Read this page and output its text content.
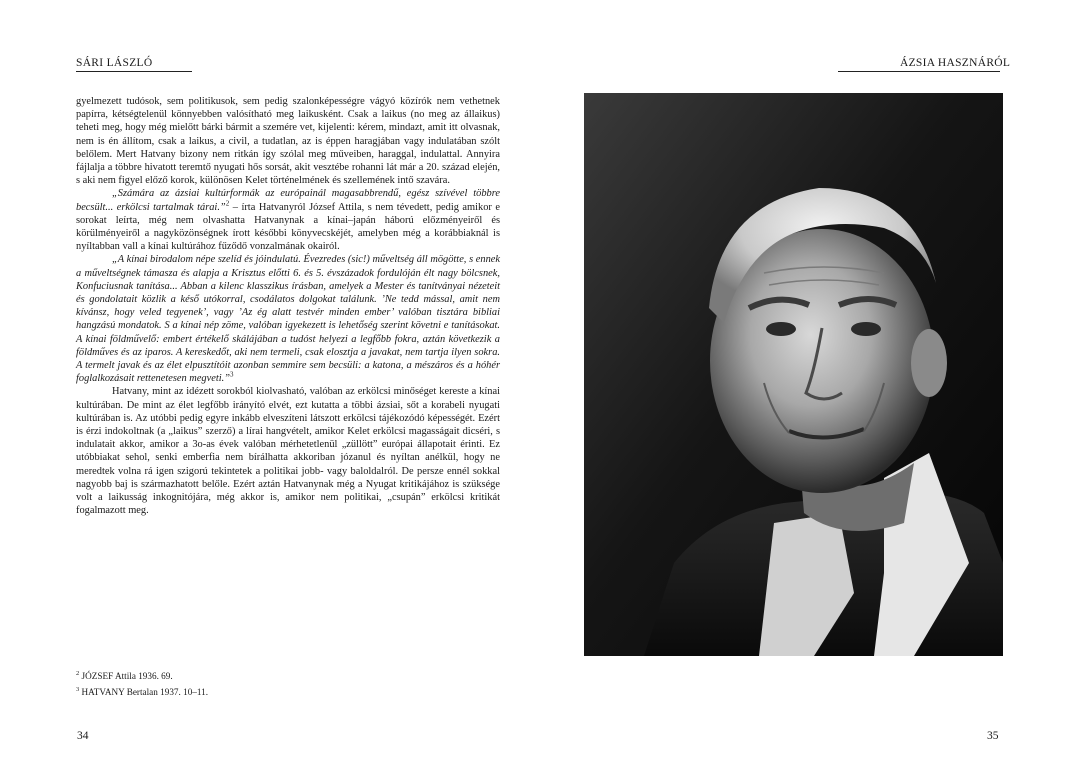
SÁRI LÁSZLÓ	ÁZSIA HASZNÁRÓL

gyelmezett tudósok, sem politikusok, sem pedig szalonképességre vágyó közírók nem vethetnek papírra, kétségtelenül könnyebben valósítható meg laikusként. Csak a laikus (no meg az állaikus) teheti meg, hogy még mielőtt bárki bármit a szemére vet, kijelenti: kérem, mindazt, amit itt olvasnak, nem is én állítom, csak a laikus, a civil, a tudatlan, az is éppen haragjában vagy indulatában szólt belőlem. Mert Hatvany bizony nem ritkán így szólal meg műveiben, haraggal, indulattal. Annyira fájlalja a többre hivatott teremtő nyugati hős sorsát, akit vesztébe rohanni lát már a 20. század elején, s aki nem figyel előző korok, különösen Kelet történelmének és szellemének intő szavára.

„Számára az ázsiai kultúrformák az európainál magasabbrendű, egész szívével többre becsült... erkölcsi tartalmak tárai.”$^2$ – írta Hatvanyról József Attila, s nem tévedett, pedig amikor e sorokat leírta, még nem olvashatta Hatvanynak a kínai–japán háború előzményeiről és körülményeiről a nagyközönségnek írott későbbi könyvecskéjét, amelyben még a korábbiaknál is nyíltabban vall a kínai kultúrához fűződő vonzalmának okairól.

„A kínai birodalom népe szelíd és jóindulatú. Évezredes (sic!) műveltség áll mögötte, s ennek a műveltségnek támasza és alapja a Krisztus előtti 6. és 5. évszázadok fordulóján élt nagy bölcsnek, Konfuciusnak tanítása... Abban a kilenc klasszikus írásban, amelyek a Mester és tanítványai nézeteit és gondolatait közlik a késő utókorral, csodálatos dolgokat találunk. ’Ne tedd mással, amit nem kívánsz, hogy veled tegyenek’, vagy ’Az ég alatt testvér minden ember’ valóban tisztára bibliai hangzású mondatok. S a kínai nép zöme, valóban igyekezett is lehetőség szerint követni e tanításokat. A kínai földművelő: embert értékelő skálájában a tudóst helyezi a legfőbb fokra, aztán következik a földműves és az iparos. A kereskedőt, aki nem termeli, csak elosztja a javakat, nem tartja ilyen sokra. A termelt javak és az élet elpusztítóit azonban semmire sem becsüli: a katona, a mészáros és a hóhér foglalkozásait rettenetesen megveti.”$^3$

Hatvany, mint az idézett sorokból kiolvasható, valóban az erkölcsi minőséget kereste a kínai kultúrában. De mint az élet legfőbb irányító elvét, ezt kutatta a többi ázsiai, sőt a korabeli nyugati kultúrában is. Az utóbbi pedig egyre inkább elveszíteni látszott erkölcsi tájékozódó képességét. Ezért is érzi indokoltnak (a „laikus” szerző) a lírai hangvételt, amikor Kelet erkölcsi magasságait dicséri, s indulatait akkor, amikor a 3o-as évek valóban mérhetetlenül „züllött” európai állapotait érinti. Ez utóbbiakat sehol, senki emberfia nem bírálhatta akkoriban józanul és nyíltan anélkül, hogy ne meredtek volna rá igen szigorú tekintetek a politikai jobb- vagy baloldalról. De persze ennél sokkal nagyobb baj is származhatott belőle. Ezért aztán Hatvanynak még a Nyugat kritikájához is szüksége volt a laikusság inkognitójára, még akkor is, amikor nem politikai, „csupán” erkölcsi kritikát fogalmazott meg.

$^2$ JÓZSEF Attila 1936. 69.
$^3$ HATVANY Bertalan 1937. 10–11.
34	35
